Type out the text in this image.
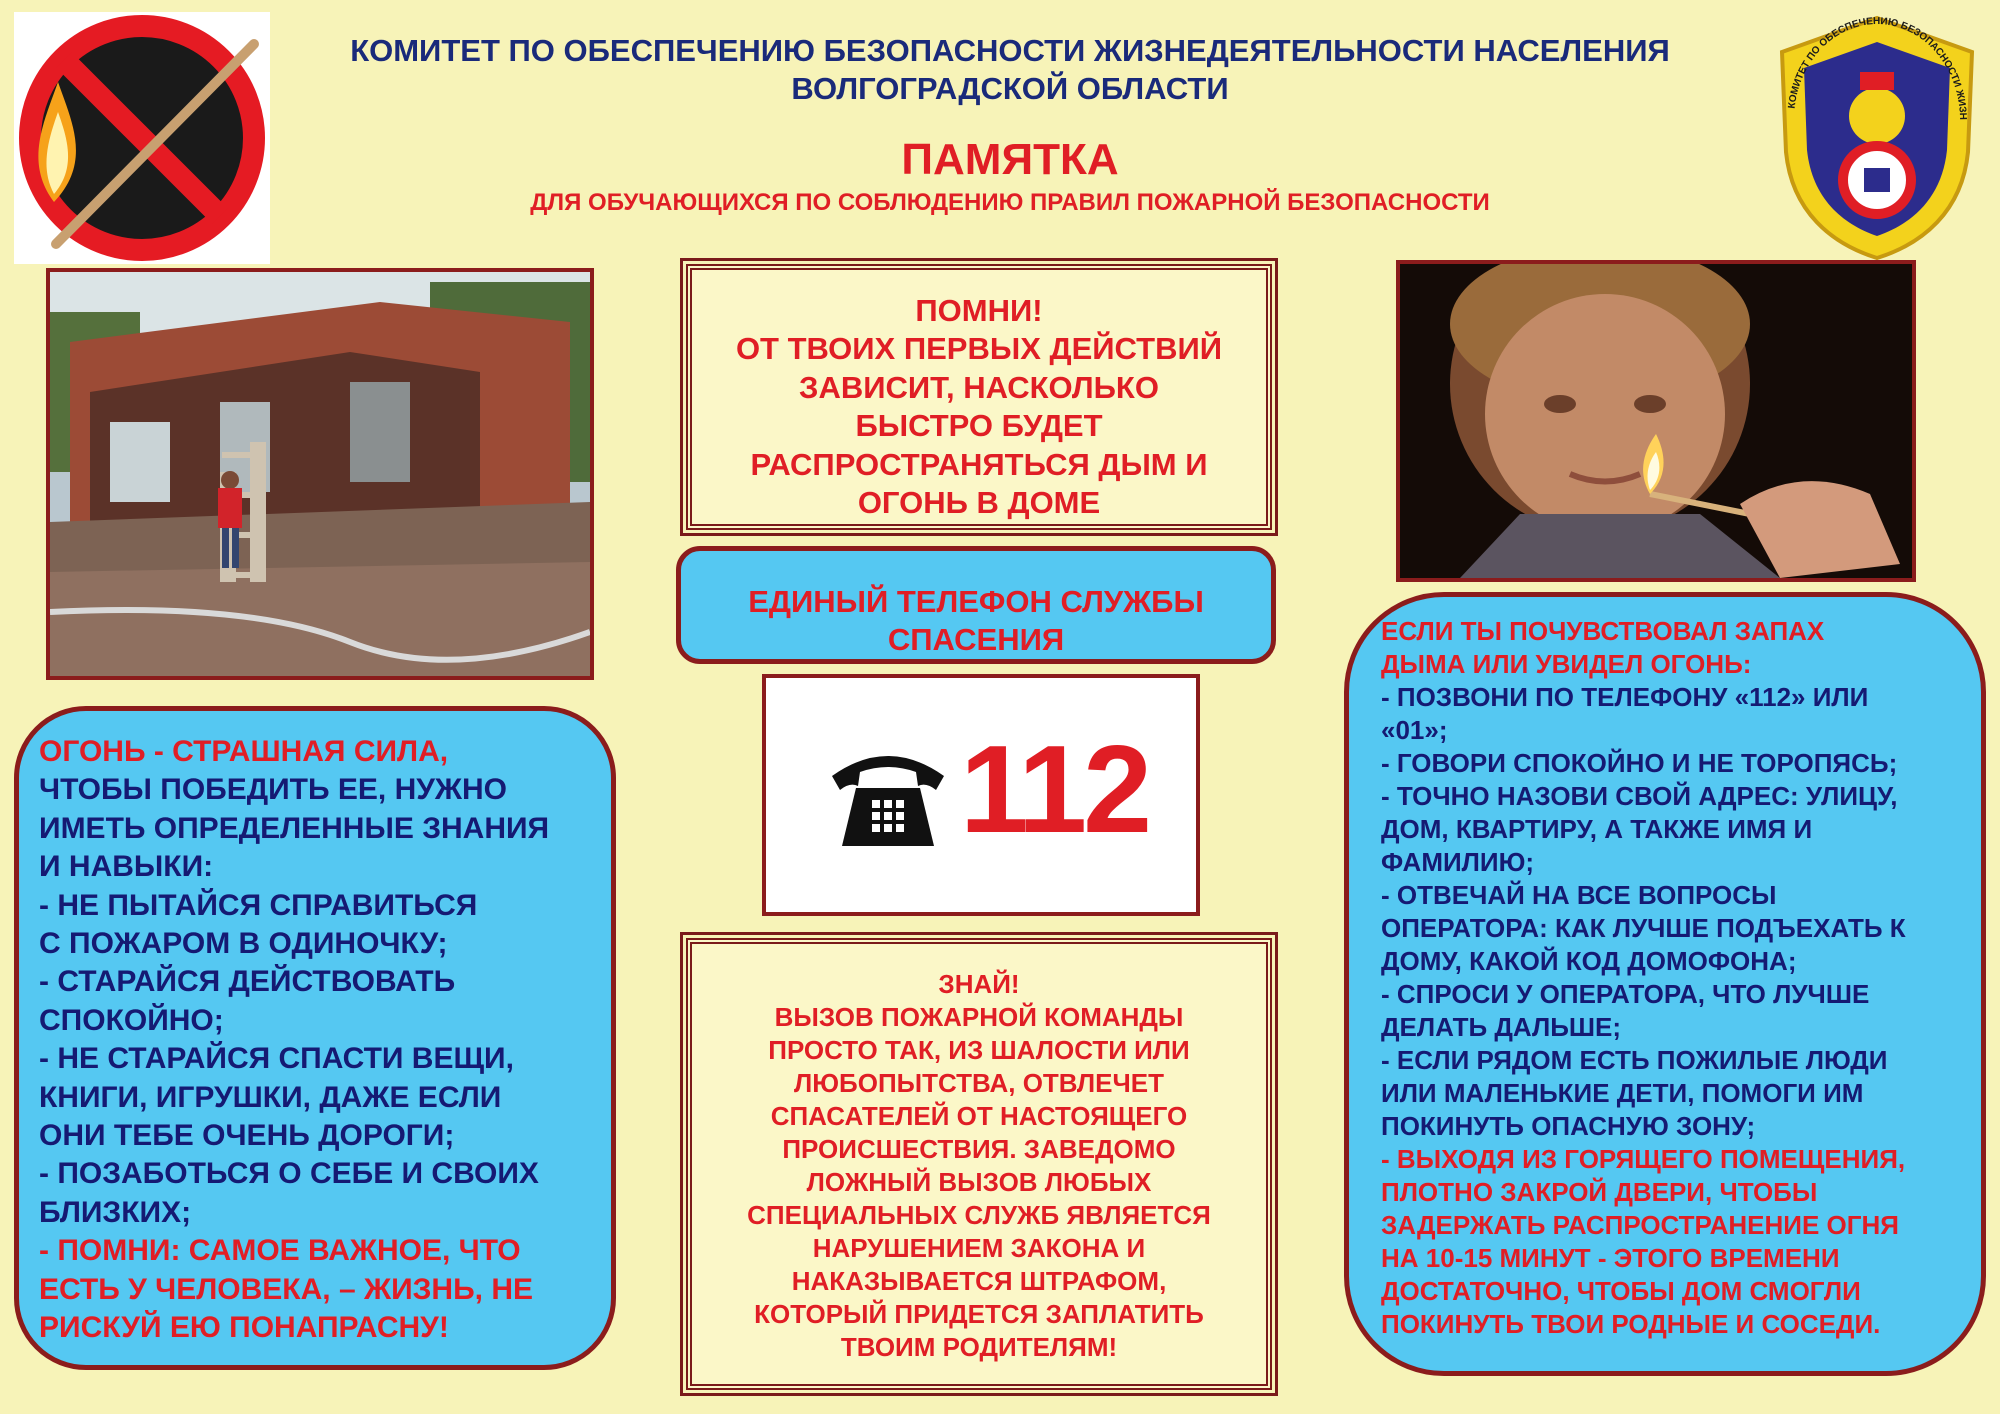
КОМИТЕТ ПО ОБЕСПЕЧЕНИЮ БЕЗОПАСНОСТИ ЖИЗН
КОМИТЕТ ПО ОБЕСПЕЧЕНИЮ БЕЗОПАСНОСТИ ЖИЗНЕДЕЯТЕЛЬНОСТИ НАСЕЛЕНИЯ
ВОЛГОГРАДСКОЙ ОБЛАСТИ
ПАМЯТКА
ДЛЯ ОБУЧАЮЩИХСЯ ПО СОБЛЮДЕНИЮ ПРАВИЛ ПОЖАРНОЙ БЕЗОПАСНОСТИ

ПОМНИ!

ОТ ТВОИХ ПЕРВЫХ ДЕЙСТВИЙ

ЗАВИСИТ, НАСКОЛЬКО

БЫСТРО БУДЕТ

РАСПРОСТРАНЯТЬСЯ ДЫМ И

ОГОНЬ В ДОМЕ

ЕДИНЫЙ ТЕЛЕФОН СЛУЖБЫ
СПАСЕНИЯ
112

ЗНАЙ!

ВЫЗОВ ПОЖАРНОЙ КОМАНДЫ

ПРОСТО ТАК, ИЗ ШАЛОСТИ ИЛИ

ЛЮБОПЫТСТВА, ОТВЛЕЧЕТ

СПАСАТЕЛЕЙ ОТ НАСТОЯЩЕГО

ПРОИСШЕСТВИЯ. ЗАВЕДОМО

ЛОЖНЫЙ ВЫЗОВ ЛЮБЫХ

СПЕЦИАЛЬНЫХ СЛУЖБ ЯВЛЯЕТСЯ

НАРУШЕНИЕМ ЗАКОНА И

НАКАЗЫВАЕТСЯ ШТРАФОМ,

КОТОРЫЙ ПРИДЕТСЯ ЗАПЛАТИТЬ

ТВОИМ РОДИТЕЛЯМ!

ОГОНЬ - СТРАШНАЯ СИЛА,

ЧТОБЫ ПОБЕДИТЬ ЕЕ, НУЖНО

ИМЕТЬ ОПРЕДЕЛЕННЫЕ ЗНАНИЯ

И НАВЫКИ:

- НЕ ПЫТАЙСЯ СПРАВИТЬСЯ

С ПОЖАРОМ В ОДИНОЧКУ;

- СТАРАЙСЯ ДЕЙСТВОВАТЬ

СПОКОЙНО;

- НЕ СТАРАЙСЯ СПАСТИ ВЕЩИ,

КНИГИ, ИГРУШКИ, ДАЖЕ ЕСЛИ

ОНИ ТЕБЕ ОЧЕНЬ ДОРОГИ;

- ПОЗАБОТЬСЯ О СЕБЕ И СВОИХ

БЛИЗКИХ;

- ПОМНИ: САМОЕ ВАЖНОЕ, ЧТО

ЕСТЬ У ЧЕЛОВЕКА, – ЖИЗНЬ, НЕ

РИСКУЙ ЕЮ ПОНАПРАСНУ!

ЕСЛИ ТЫ ПОЧУВСТВОВАЛ ЗАПАХ

ДЫМА ИЛИ УВИДЕЛ ОГОНЬ:

- ПОЗВОНИ ПО ТЕЛЕФОНУ «112» ИЛИ

«01»;

- ГОВОРИ СПОКОЙНО И НЕ ТОРОПЯСЬ;

- ТОЧНО НАЗОВИ СВОЙ АДРЕС: УЛИЦУ,

ДОМ, КВАРТИРУ, А ТАКЖЕ ИМЯ И

ФАМИЛИЮ;

- ОТВЕЧАЙ НА ВСЕ ВОПРОСЫ

ОПЕРАТОРА: КАК ЛУЧШЕ ПОДЪЕХАТЬ К

ДОМУ, КАКОЙ КОД ДОМОФОНА;

- СПРОСИ У ОПЕРАТОРА, ЧТО ЛУЧШЕ

ДЕЛАТЬ ДАЛЬШЕ;

- ЕСЛИ РЯДОМ ЕСТЬ ПОЖИЛЫЕ ЛЮДИ

ИЛИ МАЛЕНЬКИЕ ДЕТИ, ПОМОГИ ИМ

ПОКИНУТЬ ОПАСНУЮ ЗОНУ;

- ВЫХОДЯ ИЗ ГОРЯЩЕГО ПОМЕЩЕНИЯ,

ПЛОТНО ЗАКРОЙ ДВЕРИ, ЧТОБЫ

ЗАДЕРЖАТЬ РАСПРОСТРАНЕНИЕ ОГНЯ

НА 10-15 МИНУТ - ЭТОГО ВРЕМЕНИ

ДОСТАТОЧНО, ЧТОБЫ ДОМ СМОГЛИ

ПОКИНУТЬ ТВОИ РОДНЫЕ И СОСЕДИ.
